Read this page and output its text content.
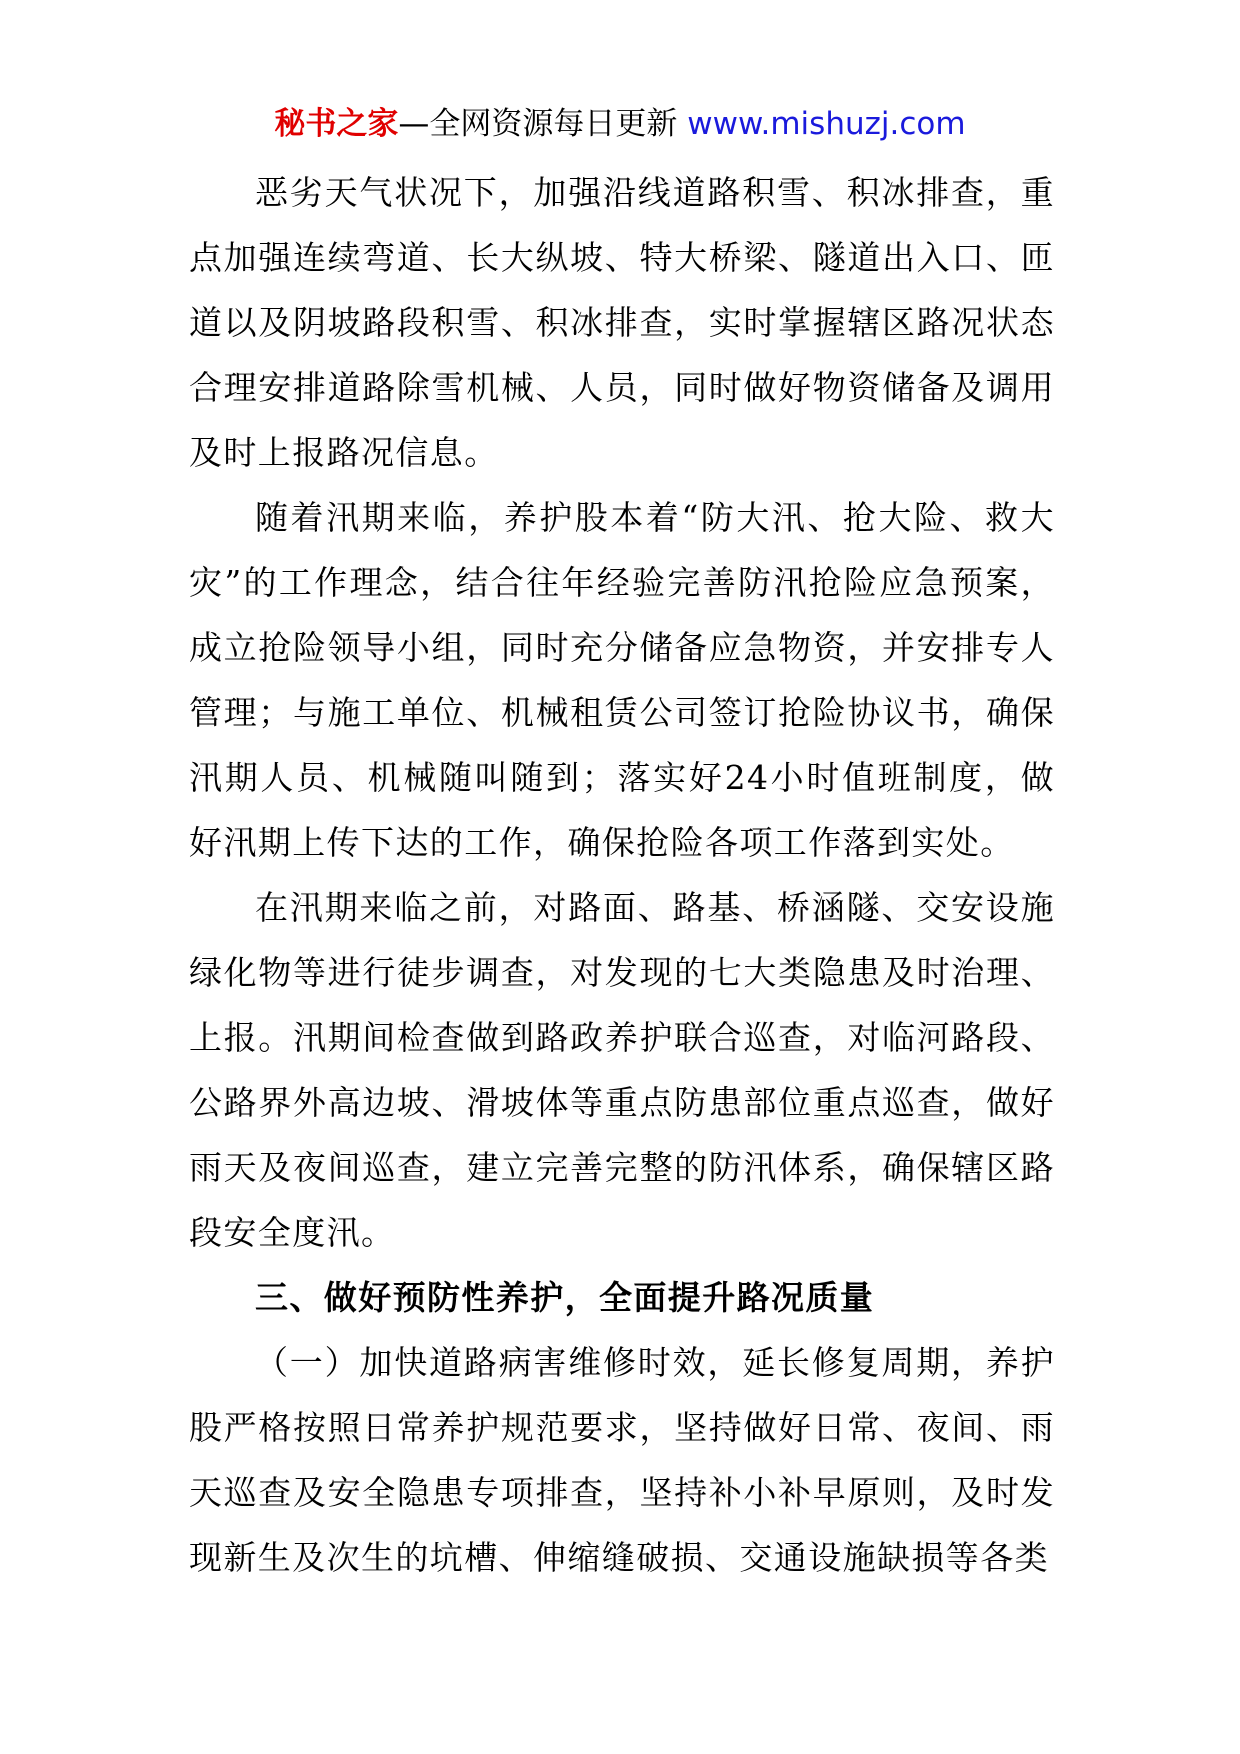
秘书之家—全网资源每日更新 www.mishuzj.com

恶劣天气状况下，加强沿线道路积雪、积冰排查，重点加强连续弯道、长大纵坡、特大桥梁、隧道出入口、匝道以及阴坡路段积雪、积冰排查，实时掌握辖区路况状态合理安排道路除雪机械、人员，同时做好物资储备及调用及时上报路况信息。

随着汛期来临，养护股本着“防大汛、抢大险、救大灾”的工作理念，结合往年经验完善防汛抢险应急预案，成立抢险领导小组，同时充分储备应急物资，并安排专人管理；与施工单位、机械租赁公司签订抢险协议书，确保汛期人员、机械随叫随到；落实好24小时值班制度，做好汛期上传下达的工作，确保抢险各项工作落到实处。

在汛期来临之前，对路面、路基、桥涵隧、交安设施绿化物等进行徒步调查，对发现的七大类隐患及时治理、上报。汛期间检查做到路政养护联合巡查，对临河路段、公路界外高边坡、滑坡体等重点防患部位重点巡查，做好雨天及夜间巡查，建立完善完整的防汛体系，确保辖区路段安全度汛。

三、做好预防性养护，全面提升路况质量

（一）加快道路病害维修时效，延长修复周期，养护股严格按照日常养护规范要求，坚持做好日常、夜间、雨天巡查及安全隐患专项排查，坚持补小补早原则，及时发现新生及次生的坑槽、伸缩缝破损、交通设施缺损等各类
